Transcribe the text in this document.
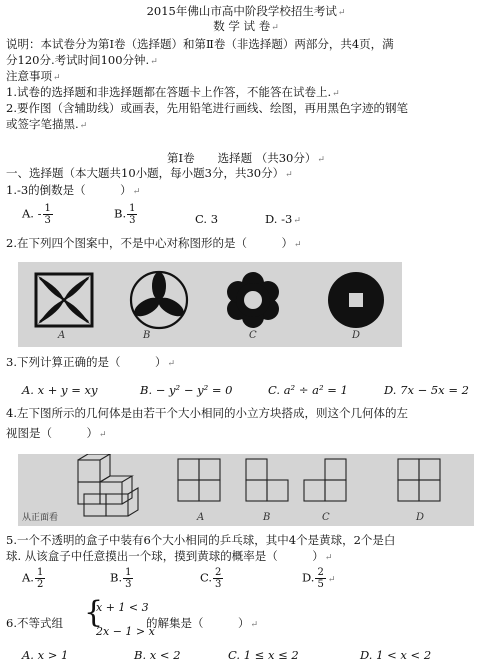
2015年佛山市高中阶段学校招生考试↵
数 学 试 卷↵
说明：本试卷分为第Ⅰ卷（选择题）和第Ⅱ卷（非选择题）两部分，共4页，满
分120分.考试时间100分钟.↵
注意事项↵
1.试卷的选择题和非选择题都在答题卡上作答，不能答在试卷上.↵
2.要作图（含辅助线）或画表，先用铅笔进行画线、绘图，再用黑色字迹的钢笔
或签字笔描黑.↵
第Ⅰ卷　　选择题 （共30分）↵
一、选择题（本大题共10小题，每小题3分，共30分）↵
1.-3的倒数是（　　　）↵
A. - $\frac{1}{3}$	B. $\frac{1}{3}$	C. 3	D. -3↵
2.在下列四个图案中，不是中心对称图形的是（　　　）↵
A	B	C	D
3.下列计算正确的是（　　　）↵
A. x + y = xy	B. − y² − y² = 0	C. a² ÷ a² = 1	D. 7x − 5x = 2
4.左下图所示的几何体是由若干个大小相同的小立方块搭成，则这个几何体的左
视图是（　　　）↵
从正面看	A	B	C	D
5.一个不透明的盒子中装有6个大小相同的乒乓球，其中4个是黄球，2个是白
球. 从该盒子中任意摸出一个球，摸到黄球的概率是（　　　）↵
A. $\frac{1}{2}$	B. $\frac{1}{3}$	C. $\frac{2}{3}$	D. $\frac{2}{5}$ ↵
6.不等式组 {
x + 1 < 3
2x − 1 > x
的解集是（　　　）↵
A. x > 1	B. x < 2	C. 1 ≤ x ≤ 2	D. 1 < x < 2
